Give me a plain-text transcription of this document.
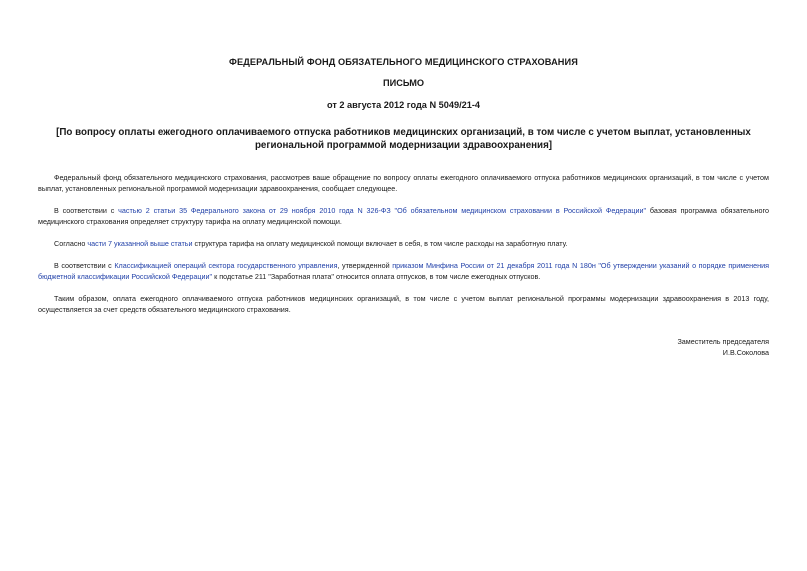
ФЕДЕРАЛЬНЫЙ ФОНД ОБЯЗАТЕЛЬНОГО МЕДИЦИНСКОГО СТРАХОВАНИЯ

ПИСЬМО

от 2 августа 2012 года N 5049/21-4

[По вопросу оплаты ежегодного оплачиваемого отпуска работников медицинских организаций, в том числе с учетом выплат, установленных региональной программой модернизации здравоохранения]

Федеральный фонд обязательного медицинского страхования, рассмотрев ваше обращение по вопросу оплаты ежегодного оплачиваемого отпуска работников медицинских организаций, в том числе с учетом выплат, установленных региональной программой модернизации здравоохранения, сообщает следующее.

В соответствии с частью 2 статьи 35 Федерального закона от 29 ноября 2010 года N 326-ФЗ "Об обязательном медицинском страховании в Российской Федерации" базовая программа обязательного медицинского страхования определяет структуру тарифа на оплату медицинской помощи.

Согласно части 7 указанной выше статьи структура тарифа на оплату медицинской помощи включает в себя, в том числе расходы на заработную плату.

В соответствии с Классификацией операций сектора государственного управления, утвержденной приказом Минфина России от 21 декабря 2011 года N 180н "Об утверждении указаний о порядке применения бюджетной классификации Российской Федерации" к подстатье 211 "Заработная плата" относится оплата отпусков, в том числе ежегодных отпусков.

Таким образом, оплата ежегодного оплачиваемого отпуска работников медицинских организаций, в том числе с учетом выплат региональной программы модернизации здравоохранения в 2013 году, осуществляется за счет средств обязательного медицинского страхования.

Заместитель председателя
И.В.Соколова
